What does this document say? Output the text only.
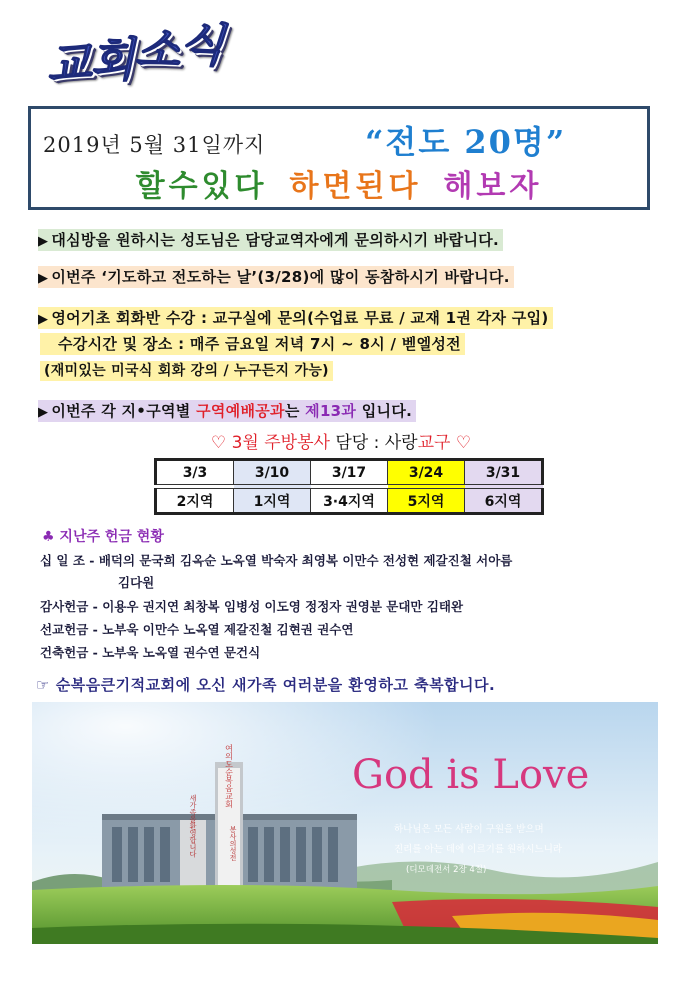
교
회
소
식
2019년 5월 31일까지	“전도 20명”
할수있다 하면된다 해보자
▶ 대심방을 원하시는 성도님은 담당교역자에게 문의하시기 바랍니다.
▶ 이번주 ‘기도하고 전도하는 날’(3/28)에 많이 동참하시기 바랍니다.
▶ 영어기초 회화반 수강 : 교구실에 문의(수업료 무료 / 교재 1권 각자 구입)
수강시간 및 장소 : 매주 금요일 저녁 7시 ~ 8시 / 벧엘성전
(재미있는 미국식 회화 강의 / 누구든지 가능)
▶ 이번주 각 지•구역별 구역예배공과는 제13과 입니다.
♡ 3월 주방봉사 담당 : 사랑교구 ♡
3/3	3/10	3/17	3/24	3/31

2지역	1지역	3·4지역	5지역	6지역
♣ 지난주 헌금 현황
십 일 조 - 배덕의 문국희 김옥순 노옥열 박숙자 최영복 이만수 전성현 제갈진철 서아름
김다원
감사헌금 - 이용우 권지연 최창복 임병성 이도영 정정자 권영분 문대만 김태완
선교헌금 - 노부욱 이만수 노옥열 제갈진철 김현권 권수연
건축헌금 - 노부욱 노옥열 권수연 문건식
☞ 순복음큰기적교회에 오신 새가족 여러분을 환영하고 축복합니다.
여의도순복음교회
새가족을환영합니다	봉사의성전
God is Love
하나님은 모든 사람이 구원을 받으며
진리를 아는 데에 이르기를 원하시느니라
(디모데전서 2장 4절)
